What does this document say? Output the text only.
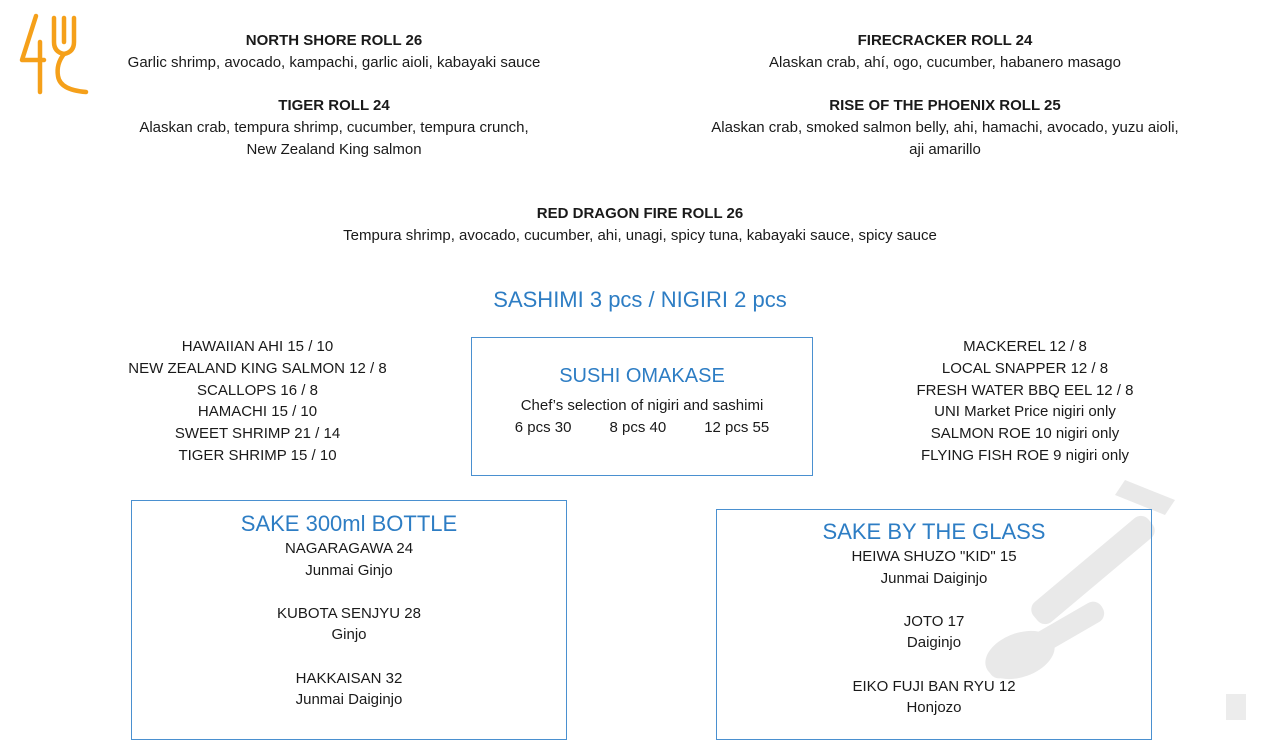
NORTH SHORE ROLL 26
Garlic shrimp, avocado, kampachi, garlic aioli, kabayaki sauce
FIRECRACKER ROLL 24
Alaskan crab, ahí, ogo, cucumber, habanero masago
TIGER ROLL 24
Alaskan crab, tempura shrimp, cucumber, tempura crunch,
New Zealand King salmon
RISE OF THE PHOENIX ROLL 25
Alaskan crab, smoked salmon belly, ahi, hamachi, avocado, yuzu aioli,
aji amarillo
RED DRAGON FIRE ROLL 26
Tempura shrimp, avocado, cucumber, ahi, unagi, spicy tuna, kabayaki sauce, spicy sauce
SASHIMI 3 pcs / NIGIRI 2 pcs
HAWAIIAN AHI 15 / 10
NEW ZEALAND KING SALMON 12 / 8
SCALLOPS 16 / 8
HAMACHI 15 / 10
SWEET SHRIMP 21 / 14
TIGER SHRIMP 15 / 10
SUSHI OMAKASE
Chef’s selection of nigiri and sashimi
6 pcs 30	8 pcs 40	12 pcs 55
MACKEREL 12 / 8
LOCAL SNAPPER 12 / 8
FRESH WATER BBQ EEL 12 / 8
UNI Market Price nigiri only
SALMON ROE 10 nigiri only
FLYING FISH ROE 9 nigiri only
SAKE 300ml BOTTLE
NAGARAGAWA 24
Junmai Ginjo
KUBOTA SENJYU 28
Ginjo
HAKKAISAN 32
Junmai Daiginjo
SAKE BY THE GLASS
HEIWA SHUZO "KID" 15
Junmai Daiginjo
JOTO 17
Daiginjo
EIKO FUJI BAN RYU 12
Honjozo
